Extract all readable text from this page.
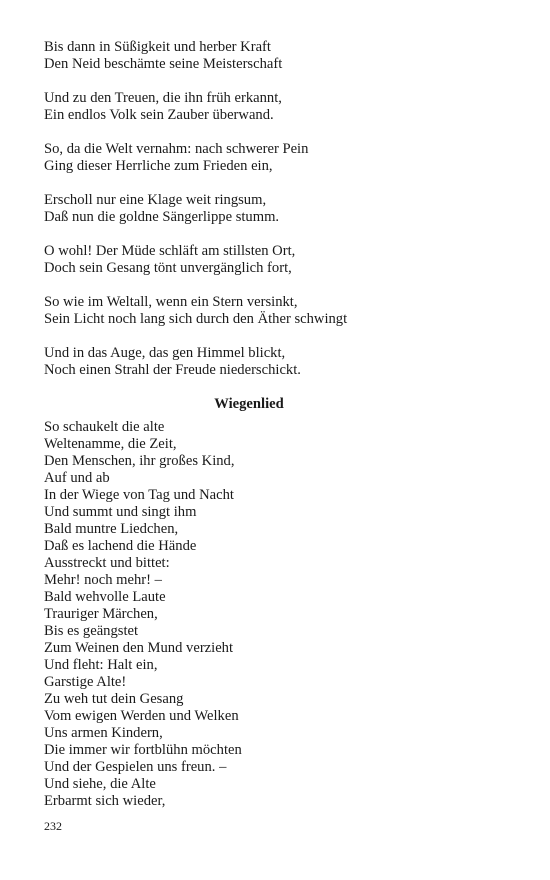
Bis dann in Süßigkeit und herber Kraft
Den Neid beschämte seine Meisterschaft
Und zu den Treuen, die ihn früh erkannt,
Ein endlos Volk sein Zauber überwand.
So, da die Welt vernahm: nach schwerer Pein
Ging dieser Herrliche zum Frieden ein,
Erscholl nur eine Klage weit ringsum,
Daß nun die goldne Sängerlippe stumm.
O wohl! Der Müde schläft am stillsten Ort,
Doch sein Gesang tönt unvergänglich fort,
So wie im Weltall, wenn ein Stern versinkt,
Sein Licht noch lang sich durch den Äther schwingt
Und in das Auge, das gen Himmel blickt,
Noch einen Strahl der Freude niederschickt.
Wiegenlied
So schaukelt die alte
Weltenamme, die Zeit,
Den Menschen, ihr großes Kind,
Auf und ab
In der Wiege von Tag und Nacht
Und summt und singt ihm
Bald muntre Liedchen,
Daß es lachend die Hände
Ausstreckt und bittet:
Mehr! noch mehr! –
Bald wehvolle Laute
Trauriger Märchen,
Bis es geängstet
Zum Weinen den Mund verzieht
Und fleht: Halt ein,
Garstige Alte!
Zu weh tut dein Gesang
Vom ewigen Werden und Welken
Uns armen Kindern,
Die immer wir fortblühn möchten
Und der Gespielen uns freun. –
Und siehe, die Alte
Erbarmt sich wieder,
232
